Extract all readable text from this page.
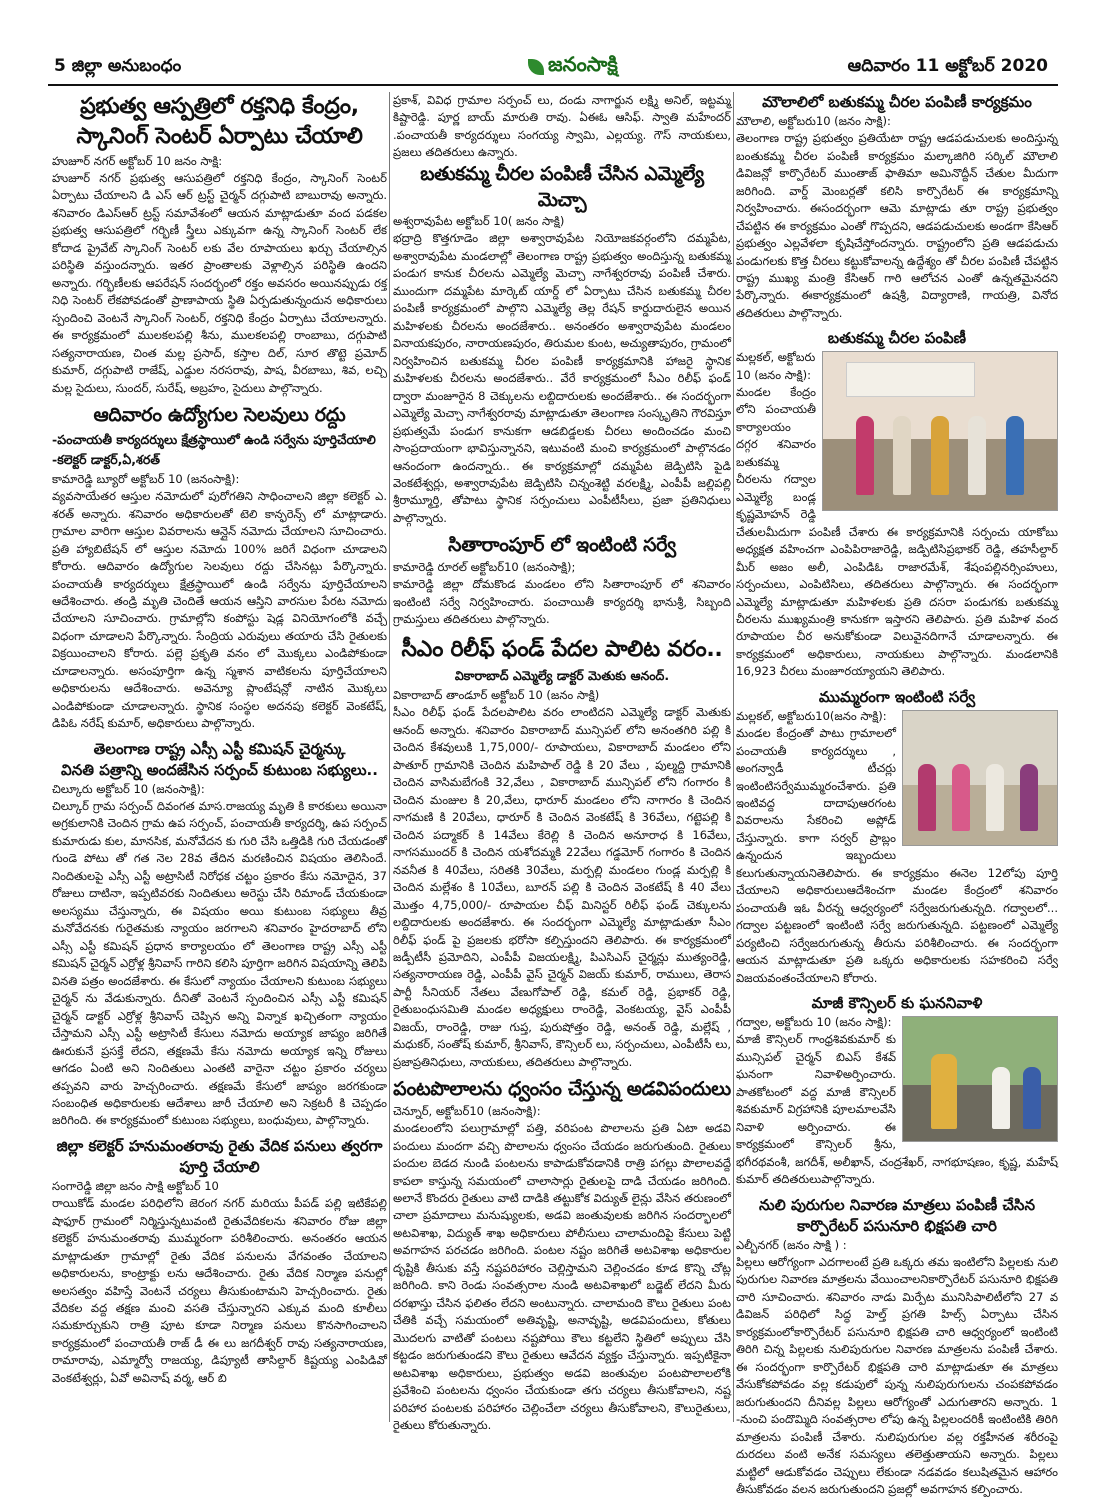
5 జిల్లా అనుబంధం	జనంసాక్షి	ఆదివారం 11 అక్టోబర్ 2020
ప్రభుత్వ ఆస్పత్రిలో రక్తనిధి కేంద్రం, స్కానింగ్ సెంటర్ ఏర్పాటు చేయాలి
హుజూర్ నగర్ అక్టోబర్ 10 జనం సాక్షి:
హుజూర్ నగర్ ప్రభుత్వ ఆసుపత్రిలో రక్తనిధి కేంద్రం, స్కానింగ్ సెంటర్ ఏర్పాటు చేయాలని డి ఎస్ ఆర్ ట్రస్ట్ చైర్మన్ దగ్గుపాటి బాబురావు అన్నారు. శనివారం డిఎస్ఆర్ ట్రస్ట్ సమావేశంలో ఆయన మాట్లాడుతూ వంద పడకల ప్రభుత్వ ఆసుపత్రిలో గర్భిణీ స్త్రీలు ఎక్కువగా ఉన్న స్కానింగ్ సెంటర్ లేక కోదాడ ప్రైవేట్ స్కానింగ్ సెంటర్ లకు వేల రూపాయలు ఖర్చు చేయాల్సిన పరిస్థితి వస్తుందన్నారు. ఇతర ప్రాంతాలకు వెళ్లాల్సిన పరిస్థితి ఉందని అన్నారు. గర్భిణీలకు ఆపరేషన్ సందర్భంలో రక్తం అవసరం అయినప్పుడు రక్త నిధి సెంటర్ లేకపోవడంతో ప్రాణాపాయ స్థితి ఏర్పడుతున్నందున అధికారులు స్పందించి వెంటనే స్కానింగ్ సెంటర్, రక్తనిధి కేంద్రం ఏర్పాటు చేయాలన్నారు. ఈ కార్యక్రమంలో ములకలపల్లి శీను, ములకలపల్లి రాంబాబు, దగ్గుపాటి సత్యనారాయణ, చింత మల్ల ప్రసాద్, కస్తాల దిల్, సూర తొట్టె ప్రమోద్ కుమార్, దగ్గుపాటి రాజేష్, ఎడ్డుల నరసరావు, పాష, వీరబాబు, శివ, లచ్చి మల్ల సైదులు, సుందర్, సురేష్, అబ్రహం, సైదులు పాల్గొన్నారు.
ఆదివారం ఉద్యోగుల సెలవులు రద్దు
-పంచాయతీ కార్యదర్శులు క్షేత్రస్థాయిలో ఉండి సర్వేను పూర్తిచేయాలి
-కలెక్టర్ డాక్టర్,ఏ,శరత్
కామారెడ్డి బ్యూరో అక్టోబర్ 10 (జనంసాక్షి):
వ్యవసాయేతర ఆస్తుల నమోదులో పురోగతిని సాధించాలని జిల్లా కలెక్టర్ ఎ. శరత్ అన్నారు. శనివారం అధికారులతో టెలి కాన్ఫరెన్స్ లో మాట్లాడారు. గ్రామాల వారిగా ఆస్తుల వివరాలను ఆన్లైన్ నమోదు చేయాలని సూచించారు. ప్రతి హ్యాబిటేషన్ లో ఆస్తుల నమోదు 100% జరిగే విధంగా చూడాలని కోరారు. ఆదివారం ఉద్యోగుల సెలవులు రద్దు చేసినట్లు పేర్కొన్నారు. పంచాయతీ కార్యదర్శులు క్షేత్రస్థాయిలో ఉండి సర్వేను పూర్తిచేయాలని ఆదేశించారు. తండ్రి మృతి చెందితే ఆయన ఆస్తిని వారసుల పేరట నమోదు చేయాలని సూచించారు. గ్రామాల్లోని కంపోస్టు షెడ్ల వినియోగంలోకి వచ్చే విధంగా చూడాలని పేర్కొన్నారు. సేంద్రియ ఎరువులు తయారు చేసి రైతులకు విక్రయించాలని కోరారు. పల్లె ప్రకృతి వనం లో మొక్కలు ఎండిపోకుండా చూడాలన్నారు. అసంపూర్తిగా ఉన్న స్మశాన వాటికలను పూర్తిచేయాలని అధికారులను ఆదేశించారు. అవెన్యూ ప్లాంటేషన్లో నాటిన మొక్కలు ఎండిపోకుండా చూడాలన్నారు. స్థానిక సంస్థల అదనపు కలెక్టర్ వెంకటేష్, డిపిఓ నరేష్ కుమార్, అధికారులు పాల్గొన్నారు.
తెలంగాణ రాష్ట్ర ఎస్సీ ఎస్టీ కమిషన్ చైర్మన్కు
వినతి పత్రాన్ని అందజేసిన సర్పంచ్ కుటుంబ సభ్యులు..
చిల్కూరు అక్టోబర్ 10 (జనంసాక్షి):
చిల్కూర్ గ్రామ సర్పంచ్ దివంగత మాస.రాజయ్య మృతి కి కారకులు అయినా అగ్రకులానికి చెందిన గ్రామ ఉప సర్పంచ్, పంచాయతీ కార్యదర్శి, ఉప సర్పంచ్ కుమారుడు కుల, మానసిక, మనోవేదన కు గురి చేసి ఒత్తిడికి గురి చేయడంతో గుండె పోటు తో గత నెల 28వ తేదిన మరణించిన విషయం తెలిసిందే. నిందితులపై ఎస్సీ ఎస్టీ అట్రాసిటీ నిరోధక చట్టం ప్రకారం కేసు నమోదైన, 37 రోజులు దాటినా, ఇప్పటివరకు నిందితులు అరెస్టు చేసి రిమాండ్ చేయకుండా అలస్యము చేస్తున్నారు, ఈ విషయం అయి కుటుంబ సభ్యులు తీవ్ర మనోవేదనకు గురైతమకు న్యాయం జరగాలని శనివారం హైదరాబాద్ లోని ఎస్సీ ఎస్టీ కమిషన్ ప్రధాన కార్యాలయం లో తెలంగాణ రాష్ట్ర ఎస్సీ ఎస్టీ కమిషన్ చైర్మన్ ఎర్రోళ్ల శ్రీనివాస్ గారిని కలిసి పూర్తిగా జరిగిన విషయాన్ని తెలిపి వినతి పత్రం అందజేశారు. ఈ కేసులో న్యాయం చేయాలని కుటుంబ సభ్యులు చైర్మన్ ను వేడుకున్నారు. దీనితో వెంటనే స్పందించిన ఎస్సీ ఎస్టీ కమిషన్ చైర్మన్ డాక్టర్ ఎర్రోళ్ల శ్రీనివాస్ చెప్పిన అన్ని విన్నాక ఖచ్చితంగా న్యాయం చేస్తామని ఎస్సీ ఎస్టీ అట్రాసిటీ కేసులు నమోదు అయ్యాక జాప్యం జరిగితే ఊరుకునే ప్రసక్తే లేదని, తక్షణమే కేసు నమోదు అయ్యాక ఇన్ని రోజులు ఆగడం ఏంటి అని నిందితులు ఎంతటి వారైనా చట్టం ప్రకారం చర్యలు తప్పవని వారు హెచ్చరించారు. తక్షణమే కేసులో జాప్యం జరగకుండా సంబంధిత అధికారులకు ఆదేశాలు జారీ చేయాలి అని సెక్రటరీ కి చెప్పడం జరిగింది. ఈ కార్యక్రమంలో కుటుంబ సభ్యులు, బంధువులు, పాల్గొన్నారు.
జిల్లా కలెక్టర్ హనుమంతరావు రైతు వేదిక పనులు త్వరగా పూర్తి చేయాలి
సంగారెడ్డి జిల్లా జనం సాక్షి అక్టోబర్ 10
రాయికోడ్ మండల పరిధిలోని జెరంగ నగర్ మరియు పీపడ్ పల్లి ఇటికేపల్లి షాఫూర్ గ్రామంలో నిర్మిస్తున్నటువంటి రైతువేదికలను శనివారం రోజు జిల్లా కలెక్టర్ హనుమంతరావు ముమ్మరంగా పరిశీలించారు. అనంతరం ఆయన మాట్లాడుతూ గ్రామాల్లో రైతు వేదిక పనులను వేగవంతం చేయాలని అధికారులను, కాంట్రాక్టు లను ఆదేశించారు. రైతు వేదిక నిర్మాణ పనుల్లో అలసత్వం వహిస్తే వెంటనే చర్యలు తీసుకుంటామని హెచ్చరించారు. రైతు వేదికల వద్ద తక్షణ మంచి వసతి చేస్తున్నారని ఎక్కువ మంది కూలీలు సమకూర్చుకుని రాత్రి పూట కూడా నిర్మాణ పనులు కొనసాగించాలని కార్యక్రమంలో పంచాయతీ రాజ్ డీ ఈ లు జగదీశ్వర్ రావు సత్యనారాయణ, రామారావు, ఎమ్మార్వో రాజయ్య, డిప్యూటీ తాసిల్దార్ కిష్టయ్య ఎంపిడివో వెంకటేశ్వర్లు, ఏవో అవినాష్ వర్మ, ఆర్ బి
ప్రకాశ్, వివిధ గ్రామాల సర్పంచ్ లు, దండు నాగార్జున లక్ష్మి అనిల్, ఇట్టమ్మ కిష్టారెడ్డి. పూర్ణ బాయ్ మారుతి రావు. ఏఈఓ ఆసిఫ్. స్వాతి మహేందర్ .పంచాయతీ కార్యదర్శులు సంగయ్య స్వామి, ఎల్లయ్య. గౌస్ నాయకులు, ప్రజలు తదితరులు ఉన్నారు.
బతుకమ్మ చీరల పంపిణీ చేసిన ఎమ్మెల్యే మెచ్చా
అశ్వరావుపేట అక్టోబర్ 10( జనం సాక్షి)
భద్రాద్రి కొత్తగూడెం జిల్లా అశ్వారావుపేట నియోజకవర్గంలోని దమ్మపేట, అశ్వారావుపేట మండలాల్లో తెలంగాణ రాష్ట్ర ప్రభుత్వం అందిస్తున్న బతుకమ్మ పండుగ కానుక చీరలను ఎమ్మెల్యే మెచ్చా నాగేశ్వరరావు పంపిణీ చేశారు. ముందుగా దమ్మపేట మార్కెట్ యార్డ్ లో ఏర్పాటు చేసిన బతుకమ్మ చీరల పంపిణీ కార్యక్రమంలో పాల్గొని ఎమ్మెల్యే తెల్ల రేషన్ కార్డుదారులైన అయిన మహిళలకు చీరలను అందజేశారు.. అనంతరం అశ్వారావుపేట మండలం వినాయకపురం, నారాయణపురం, తిరుమల కుంట, అచ్యుతాపురం, గ్రామంలో నిర్వహించిన బతుకమ్మ చీరల పంపిణీ కార్యక్రమానికి హాజరై స్థానిక మహిళలకు చీరలను అందజేశారు.. వేరే కార్యక్రమంలో సీఎం రిలీఫ్ ఫండ్ ద్వారా మంజూరైన 8 చెక్కులను లబ్దిదారులకు అందజేశారు.. ఈ సందర్భంగా ఎమ్మెల్యే మెచ్చా నాగేశ్వరరావు మాట్లాడుతూ తెలంగాణ సంస్కృతిని గౌరవిస్తూ ప్రభుత్వమే పండుగ కానుకగా ఆడబిడ్డలకు చీరలు అందించడం మంచి సాంప్రదాయంగా భావిస్తున్నానని, ఇటువంటి మంచి కార్యక్రమంలో పాల్గొనడం ఆనందంగా ఉందన్నారు.. ఈ కార్యక్రమాల్లో దమ్మపేట జెడ్పిటిసి పైడి వెంకటేశ్వర్లు, అశ్వారావుపేట జెడ్పిటిసి చిన్నంశెట్టి వరలక్ష్మి, ఎంపీపీ జల్లిపల్లి శ్రీరామ్మూర్తి, తోపాటు స్థానిక సర్పంచులు ఎంపీటీసీలు, ప్రజా ప్రతినిధులు పాల్గొన్నారు.
సితారాంపూర్ లో ఇంటింటి సర్వే
కామారెడ్డి రూరల్ అక్టోబర్10 (జనంసాక్షి);
కామారెడ్డి జిల్లా దోమకొండ మండలం లోని సితారాంపూర్ లో శనివారం ఇంటింటి సర్వే నిర్వహించారు. పంచాయితీ కార్యదర్శి భానుశ్రీ, సిబ్బంది గ్రామస్తులు తదితరులు పాల్గొన్నారు.
సీఎం రిలీఫ్ ఫండ్ పేదల పాలిట వరం..
వికారాబాద్ ఎమ్మెల్యే డాక్టర్ మెతుకు ఆనంద్.
వికారాబాద్ తాండూర్ అక్టోబర్ 10 (జనం సాక్షి)
సీఎం రిలీఫ్ ఫండ్ పేదలపాలిట వరం లాంటిదని ఎమ్మెల్యే డాక్టర్ మెతుకు ఆనంద్ అన్నారు. శనివారం వికారాబాద్ మున్సిపల్ లోని అనంతగిరి పల్లి కి చెందిన కేశవులుకి 1,75,000/- రూపాయలు, వికారాబాద్ మండలం లోని పాతూర్ గ్రామానికి చెందిన మహిపాల్ రెడ్డి కి 20 వేలు , పుల్మద్ది గ్రామానికి చెందిన వాసిమబేగంకి 32,వేలు , వికారాబాద్ మున్సిపల్ లోని గంగారం కి చెందిన మంజుల కి 20,వేలు, ధారూర్ మండలం లోని నాగారం కి చెందిన నాగమణి కి 20వేలు, ధారూర్ కి చెందిన వెంకటేష్ కి 36వేలు, గట్టెపల్లి కి చెందిన పద్మాకర్ కి 14వేలు కేరెల్లి కి చెందిన అనూరాధ కి 16వేలు, నాగసముందర్ కి చెందిన యశోదమ్మకి 22వేలు గడ్డమోర్ గంగారం కి చెందిన నవనీత కి 40వేలు, సరితకి 30వేలు, మర్పల్లి మండలం గుండ్ల మర్పల్లి కి చెందిన మల్లేశం కి 10వేలు, బూరన్ పల్లి కి చెందిన వెంకటేష్ కి 40 వేలు మొత్తం 4,75,000/- రూపాయల చీఫ్ మినిస్టర్ రిలీఫ్ ఫండ్ చెక్కులను లబ్దిదారులకు అందజేశారు. ఈ సందర్భంగా ఎమ్మెల్యే మాట్లాడుతూ సీఎం రిలీఫ్ ఫండ్ పై ప్రజలకు భరోసా కల్పిస్తుందని తెలిపారు. ఈ కార్యక్రమంలో జడ్పీటీసీ ప్రమోదిని, ఎంపీపీ విజయలక్ష్మి, పిఎసిఎస్ చైర్మన్లు ముత్యంరెడ్డి, సత్యనారాయణ రెడ్డి, ఎంపీపీ వైస్ చైర్మన్ విజయ్ కుమార్, రాములు, తెరాస పార్టీ సీనియర్ నేతలు వేణుగోపాల్ రెడ్డి, కమల్ రెడ్డి, ప్రభాకర్ రెడ్డి, రైతుబంధుసమితి మండల అధ్యక్షులు రాంరెడ్డి, వెంకటయ్య, వైస్ ఎంపీపీ విజయ్, రాంరెడ్డి, రాజు గుప్త, పురుషోత్తం రెడ్డి, అనంత్ రెడ్డి, మల్లేష్ , మధుకర్, సంతోష్ కుమార్, శ్రీనివాస్, కౌన్సిలర్ లు, సర్పంచులు, ఎంపీటీసీ లు, ప్రజాప్రతినిధులు, నాయకులు, తదితరులు పాల్గొన్నారు.
పంటపొలాలను ధ్వంసం చేస్తున్న అడవిపందులు
చెన్నూర్, అక్టోబర్10 (జనంసాక్షి):
మండలంలోని పలుగ్రామాల్లో పత్తి, వరిపంట పొలాలను ప్రతి ఏటా అడవి పందులు మందగా వచ్చి పొలాలను ధ్వంసం చేయడం జరుగుతుంది. రైతులు పందుల బెడద నుండి పంటలను కాపాడుకోవడానికి రాత్రి పగల్లు పొలాలవద్దే కాపలా కాస్తున్న సమయంలో చాలాసార్లు రైతులపై దాడి చేయడం జరిగింది. అలానే కొందరు రైతులు వాటి దాడికి తట్టుకోక విద్యుత్ లైన్లు వేసిన తరుణంలో చాలా ప్రమాదాలు మనుష్యులకు, అడవి జంతువులకు జరిగిన సందర్భాలలో అటవిశాఖ, విద్యుత్ శాఖ అధికారులు పోలీసులు చాలామందిపై కేసులు పెట్టి అవగాహన పరచడం జరిగింది. పంటల నష్టం జరిగితే అటవిశాఖ అధికారుల దృష్టికి తీసుకు వస్తే నష్టపరిహారం చెల్లిస్తామని చెల్లించడం కూడ కొన్ని చోట్ల జరిగింది. కాని రెండు సంవత్సరాల నుండి అటవిశాఖలో బడ్జెట్ లేదని మీరు దరఖాస్తు చేసిన ఫలితం లేదని అంటున్నారు. చాలామంది కౌలు రైతులు పంట చేతికి వచ్చే సమయంలో అతివృష్టి, అనావృష్టి, అడవిపందులు, కోతులు మొదలగు వాటితో పంటలు నష్టపోయి కౌలు కట్టలేని స్థితిలో అప్పులు చేసి కట్టడం జరుగుతుండని కౌలు రైతులు ఆవేదన వ్యక్తం చేస్తున్నారు. ఇప్పటికైనా అటవిశాఖ అధికారులు, ప్రభుత్వం అడవి జంతువుల పంటపొలాలలోకి ప్రవేశించి పంటలను ధ్వంసం చేయకుండా తగు చర్యలు తీసుకోవాలని, నష్ట పరిహార పంటలకు పరిహారం చెల్లించేలా చర్యలు తీసుకోవాలని, కౌలురైతులు, రైతులు కోరుతున్నారు.
మౌలాలిలో బతుకమ్మ చీరల పంపిణీ కార్యక్రమం
మౌలాలి, అక్టోబరు10 (జనం సాక్షి):
తెలంగాణ రాష్ట్ర ప్రభుత్వం ప్రతియేటా రాష్ట్ర ఆడపడుచులకు అందిస్తున్న బంతుకమ్మ చీరల పంపిణీ కార్యక్రమం మల్కాజిగిరి సర్కిల్ మౌలాలి డివిజన్లో కార్పొరేటర్ ముంతాజ్ ఫాతిమా అమినొద్దీన్ చేతుల మీదుగా జరిగింది. వార్డ్ మెంబర్లతో కలిసి కార్పొరేటర్ ఈ కార్యక్రమాన్ని నిర్వహించారు. ఈసందర్భంగా ఆమె మాట్లాడు తూ రాష్ట్ర ప్రభుత్వం చేపట్టిన ఈ కార్యక్రమం ఎంతో గొప్పదని, ఆడపడుచులకు అండగా కేసిఆర్ ప్రభుత్వం ఎల్లవేళలా కృషిచేస్తోందన్నారు. రాష్ట్రంలోని ప్రతి ఆడపడుచు పండుగలకు కొత్త చీరలు కట్టుకోవాలన్న ఉద్దేశ్యం తో చీరల పంపిణీ చేపట్టిన రాష్ట్ర ముఖ్య మంత్రి కేసిఆర్ గారి ఆలోచన ఎంతో ఉన్నతమైనదని పేర్కొన్నారు. ఈకార్యక్రమంలో ఉషశ్రీ, విద్యారాణి, గాయత్రి, వినోద తదితరులు పాల్గొన్నారు.
బతుకమ్మ చీరల పంపిణీ
మల్లకల్, అక్టోబరు 10 (జనం సాక్షి):
మండల కేంద్రం లోని పంచాయతీ కార్యాలయం దగ్గర శనివారం బతుకమ్మ చీరలను గద్వాల ఎమ్మెల్యే బండ్ల కృష్ణమోహన్ రెడ్డి చేతులమీదుగా పంపిణీ చేశారు ఈ కార్యక్రమానికి సర్పంచు యాకోబు అధ్యక్షత వహించగా ఎంపిపిరాజారెడ్డి, జడ్పిటిసిప్రభాకర్ రెడ్డి, తహసీల్దార్ మీర్ అజం అలీ, ఎంపిడిఓ రాజారమేశ్, శేషంపల్లినర్సింహులు, సర్పంచులు, ఎంపిటిసిలు, తదితరులు పాల్గొన్నారు. ఈ సందర్భంగా ఎమ్మెల్యే మాట్లాడుతూ మహిళలకు ప్రతి దసరా పండుగకు బతుకమ్మ చీరలను ముఖ్యమంత్రి కానుకగా ఇస్తారని తెలిపారు. ప్రతి మహిళ వంద రూపాయల చీర అనుకోకుండా విలువైనదిగానే చూడాలన్నారు. ఈ కార్యక్రమంలో అధికారులు, నాయకులు పాల్గొన్నారు. మండలానికి 16,923 చీరలు మంజూరయ్యాయని తెలిపారు.
ముమ్మరంగా ఇంటింటి సర్వే
మల్లకల్, అక్టోబరు10(జనం సాక్షి):
మండల కేంద్రంతో పాటు గ్రామాలలో పంచాయతీ కార్యదర్శులు , అంగన్వాడీ టీచర్లు ఇంటింటిసర్వేముమ్మరంచేశారు. ప్రతి ఇంటివద్ద దాదాపుఆరగంట వివరాలను సేకరించి అప్లోడ్ చేస్తున్నారు. కాగా సర్వర్ ప్రాబ్లం ఉన్నందున ఇబ్బందులు కలుగుతున్నాయనితెలిపారు. ఈ కార్యక్రమం ఈనెల 12లోపు పూర్తి చేయాలని అధికారులుఆదేశించగా మండల కేంద్రంలో శనివారం పంచాయతీ ఇఓ వీరన్న ఆధ్వర్యంలో సర్వేజరుగుతున్నది. గద్వాలలో... గద్వాల పట్టణంలో ఇంటింటి సర్వే జరుగుతున్నది. పట్టణంలో ఎమ్మెల్యే పర్యటించి సర్వేజరుగుతున్న తీరును పరిశీలించారు. ఈ సందర్భంగా ఆయన మాట్లాడుతూ ప్రతి ఒక్కరు అధికారులకు సహకరించి సర్వే విజయవంతంచేయాలని కోరారు.
మాజీ కౌన్సిలర్ కు ఘననివాళి
గద్వాల, అక్టోబరు 10 (జనం సాక్షి):
మాజీ కౌన్సిలర్ గాంధ్రశివకుమార్ కు మున్సిపల్ చైర్మన్ బిఎస్ కేశవ్ ఘనంగా నివాళిఅర్పించారు. పాతకోటంలో వద్ద మాజీ కౌన్సిలర్ శివకుమార్ విగ్రహానికి పూలమాలవేసి నివాళి అర్పించారు. ఈ కార్యక్రమంలో కౌన్సిలర్ శ్రీను, భగీరథవంశీ, జగదీశ్, అలీఖాన్, చంద్రశేఖర్, నాగభూషణం, కృష్ణ, మహేష్ కుమార్ తదితరులుపాల్గొన్నారు.
నులి పురుగుల నివారణ మాత్రలు పంపిణీ చేసిన కార్పొరేటర్ పసునూరి భిక్షపతి చారి
ఎల్బీనగర్ (జనం సాక్షి ) :
పిల్లలు ఆరోగ్యంగా ఎదగాలంటే ప్రతి ఒక్కరు తమ ఇంటిలోని పిల్లలకు నులి పురుగుల నివారణ మాత్రలను వేయించాలనికార్పొరేటర్ పసునూరి భిక్షపతి చారి సూచించారు. శనివారం నాడు మిర్పేట మునిసిపాలిటీలోని 27 వ డివిజన్ పరిధిలో సిద్ధ హెల్త్ ప్రగతి హిల్స్ ఏర్పాటు చేసిన కార్యక్రమంలోకార్పొరేటర్ పసునూరి భిక్షపతి చారి ఆధ్వర్యంలో ఇంటింటి తిరిగి చిన్న పిల్లలకు నులిపురుగుల నివారణ మాత్రలను పంపిణీ చేశారు. ఈ సందర్భంగా కార్పొరేటర్ భిక్షపతి చారి మాట్లాడుతూ ఈ మాత్రలు వేసుకోకపోవడం వల్ల కడుపులో పున్న నులిపురుగులను చంపకపోవడం జరుగుతుందని దీనివల్ల పిల్లలు ఆరోగ్యంతో ఎదుగుతారని అన్నారు. 1 -నుంచి పందొమ్మిది సంవత్సరాల లోపు ఉన్న పిల్లలందరికీ ఇంటింటికి తిరిగి మాత్రలను పంపిణీ చేశారు. నులిపురుగుల వల్ల రక్తహీనత శరీరంపై దురదలు వంటి అనేక సమస్యలు తలెత్తుతాయని అన్నారు. పిల్లలు మట్టిలో ఆడుకోవడం చెప్పులు లేకుండా నడవడం కలుషితమైన ఆహారం తీసుకోవడం వలన జరుగుతుందని ప్రజల్లో అవగాహన కల్పించారు.
